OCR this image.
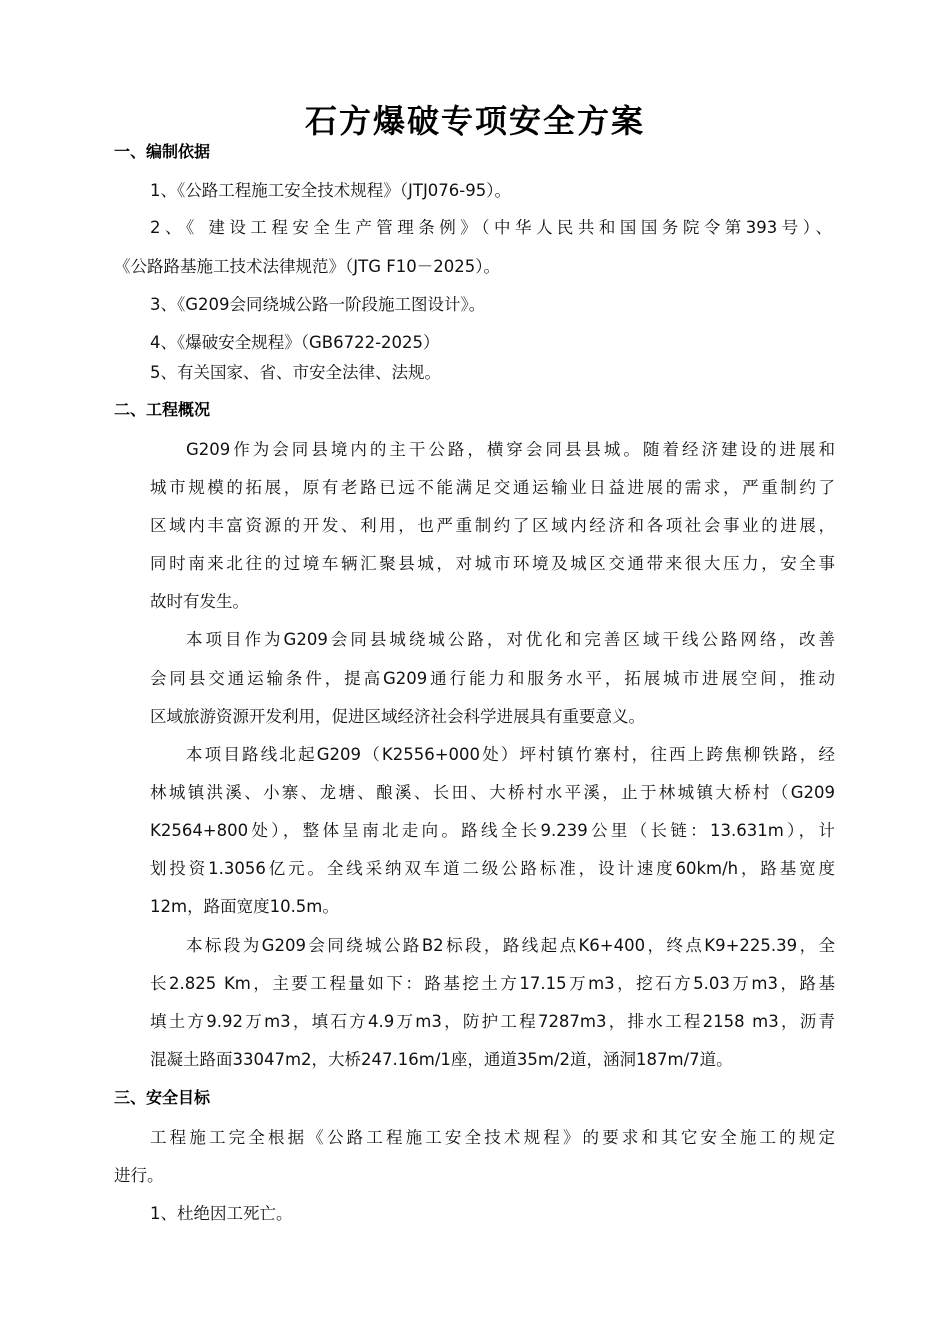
石方爆破专项安全方案
一、编制依据
1、《公路工程施工安全技术规程》（JTJ076-95）。
2、《 建设工程安全生产管理条例》（中华人民共和国国务院令第393号）、
《公路路基施工技术法律规范》（JTG F10－2025）。
3、《G209会同绕城公路一阶段施工图设计》。
4、《爆破安全规程》（GB6722-2025）
5、有关国家、省、市安全法律、法规。
二、工程概况
G209作为会同县境内的主干公路，横穿会同县县城。随着经济建设的进展和
城市规模的拓展，原有老路已远不能满足交通运输业日益进展的需求，严重制约了
区域内丰富资源的开发、利用，也严重制约了区域内经济和各项社会事业的进展，
同时南来北往的过境车辆汇聚县城，对城市环境及城区交通带来很大压力，安全事
故时有发生。
本项目作为G209会同县城绕城公路，对优化和完善区域干线公路网络，改善
会同县交通运输条件，提高G209通行能力和服务水平，拓展城市进展空间，推动
区域旅游资源开发利用，促进区域经济社会科学进展具有重要意义。
本项目路线北起G209（K2556+000处）坪村镇竹寨村，往西上跨焦柳铁路，经
林城镇洪溪、小寨、龙塘、酿溪、长田、大桥村水平溪，止于林城镇大桥村（G209
K2564+800处），整体呈南北走向。路线全长9.239公里（长链：13.631m），计
划投资1.3056亿元。全线采纳双车道二级公路标准，设计速度60km/h，路基宽度
12m，路面宽度10.5m。
本标段为G209会同绕城公路B2标段，路线起点K6+400，终点K9+225.39，全
长2.825 Km，主要工程量如下：路基挖土方17.15万m3，挖石方5.03万m3，路基
填土方9.92万m3，填石方4.9万m3，防护工程7287m3，排水工程2158 m3，沥青
混凝土路面33047m2，大桥247.16m/1座，通道35m/2道，涵洞187m/7道。
三、安全目标
工程施工完全根据《公路工程施工安全技术规程》的要求和其它安全施工的规定
进行。
1、杜绝因工死亡。
